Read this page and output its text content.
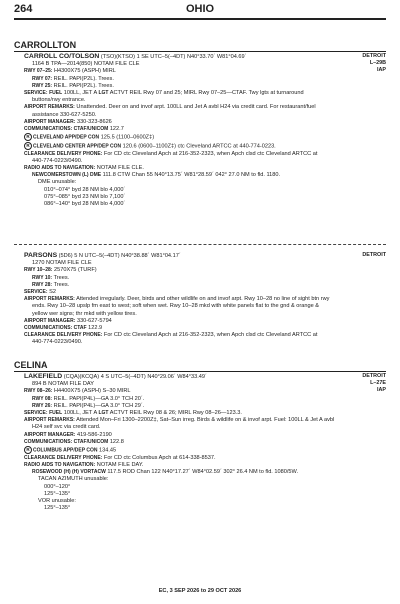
264	OHIO
CARROLLTON
DETROIT
L–29B
IAP
CARROLL CO/TOLSON (TSO)(KTSO) 1 SE UTC–5(–4DT) N40°33.70´ W81°04.69´
1164 B TPA—2014(850) NOTAM FILE CLE
RWY 07–25: H4300X75 (ASPH) MIRL
RWY 07: REIL. PAPI(P2L). Trees.
RWY 25: REIL. PAPI(P2L). Trees.
SERVICE: FUEL 100LL, JET A LGT ACTVT REIL Rwy 07 and 25; MIRL Rwy 07–25—CTAF. Twy lgts at turnaround
buttons/rwy entrance.
AIRPORT REMARKS: Unattended. Deer on and invof arpt. 100LL and Jet A avbl H24 via credit card. For restaurant/fuel
assistance 330-627-5250.
AIRPORT MANAGER: 330-323-8626
COMMUNICATIONS: CTAF/UNICOM 122.7
R CLEVELAND APP/DEP CON 125.5 (1100–0600Z‡)
R CLEVELAND CENTER APP/DEP CON 120.6 (0600–1100Z‡) ctc Cleveland ARTCC at 440-774-0223.
CLEARANCE DELIVERY PHONE: For CD ctc Cleveland Apch at 216-352-2323, when Apch clsd ctc Cleveland ARTCC at
440-774-0223/0490.
RADIO AIDS TO NAVIGATION: NOTAM FILE CLE.
NEWCOMERSTOWN (L) DME 111.8 CTW Chan 55 N40°13.75´ W81°28.59´ 042° 27.0 NM to fld. 1180.
DME unusable:
010°–074° byd 28 NM blo 4,000´
075°–085° byd 23 NM blo 7,100´
086°–140° byd 28 NM blo 4,000´
DETROIT
PARSONS (5D6) 5 N UTC–5(–4DT) N40°38.88´ W81°04.17´
1270 NOTAM FILE CLE
RWY 10–28: 2570X75 (TURF)
RWY 10: Trees.
RWY 28: Trees.
SERVICE: S2
AIRPORT REMARKS: Attended irregularly. Deer, birds and other wildlife on and invof arpt. Rwy 10–28 no line of sight btn rwy
ends. Rwy 10–28 upslp fm east to west; soft when wet. Rwy 10–28 mkd with white panels flat to the gnd & orange &
yellow wer signs; thr mkd with yellow tires.
AIRPORT MANAGER: 330-627-5794
COMMUNICATIONS: CTAF 122.9
CLEARANCE DELIVERY PHONE: For CD ctc Cleveland Apch at 216-352-2323, when Apch clsd ctc Cleveland ARTCC at
440-774-0223/0490.
CELINA
DETROIT
L–27E
IAP
LAKEFIELD (CQA)(KCQA) 4 S UTC–5(–4DT) N40°29.06´ W84°33.49´
894 B NOTAM FILE DAY
RWY 08–26: H4400X75 (ASPH) S–30 MIRL
RWY 08: REIL. PAPI(P4L)—GA 3.0° TCH 20´.
RWY 26: REIL. PAPI(P4L)—GA 3.0° TCH 29´.
SERVICE: FUEL 100LL, JET A LGT ACTVT REIL Rwy 08 & 26; MIRL Rwy 08–26—123.3.
AIRPORT REMARKS: Attended Mon–Fri 1300–2200Z‡, Sat–Sun irreg. Birds & wildlife on & invof arpt. Fuel: 100LL & Jet A avbl
H24 self svc via credit card.
AIRPORT MANAGER: 419-586-2190
COMMUNICATIONS: CTAF/UNICOM 122.8
R COLUMBUS APP/DEP CON 134.45
CLEARANCE DELIVERY PHONE: For CD ctc Columbus Apch at 614-338-8537.
RADIO AIDS TO NAVIGATION: NOTAM FILE DAY.
ROSEWOOD (H) (H) VORTACW 117.5 ROD Chan 122 N40°17.27´ W84°02.59´ 302° 26.4 NM to fld. 1080/5W.
TACAN AZIMUTH unusable:
000°–120°
125°–135°
VOR unusable:
125°–135°
EC, 3 SEP 2026 to 29 OCT 2026
